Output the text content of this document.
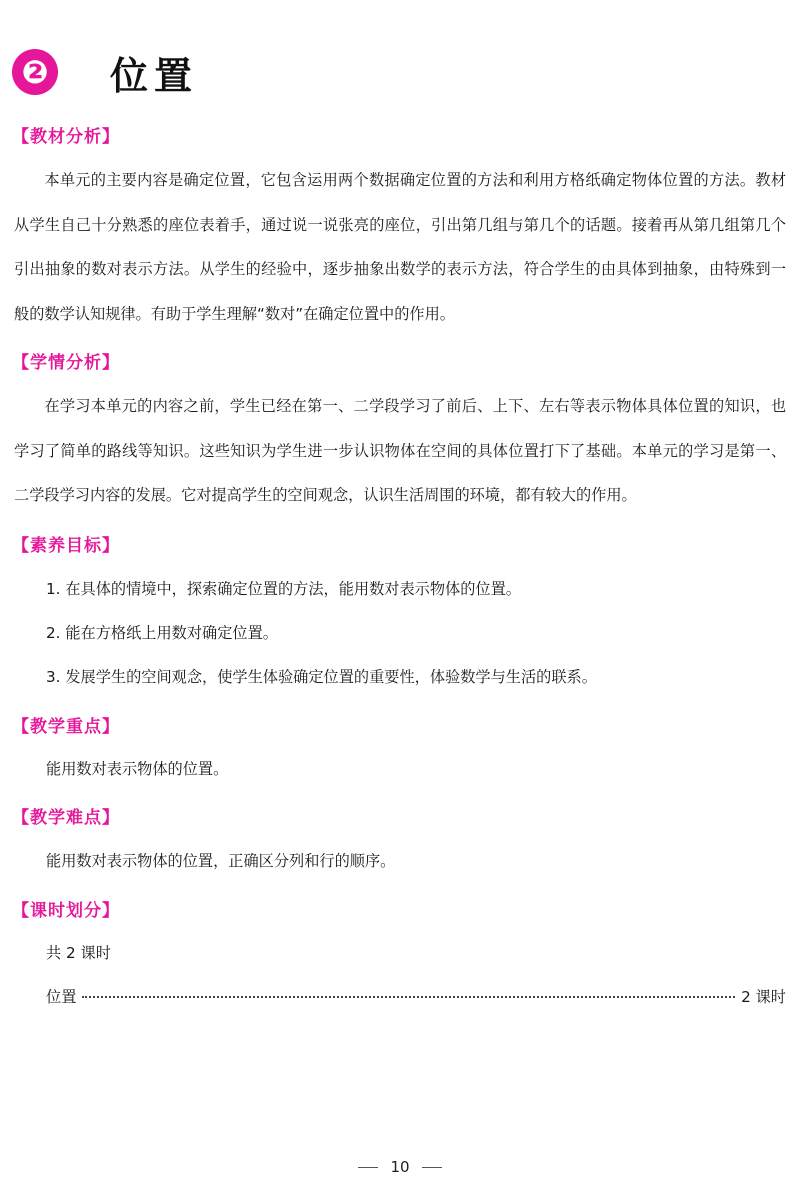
❷ 位置
【教材分析】

本单元的主要内容是确定位置，它包含运用两个数据确定位置的方法和利用方格纸确定物体位置的方法。教材从学生自己十分熟悉的座位表着手，通过说一说张亮的座位，引出第几组与第几个的话题。接着再从第几组第几个引出抽象的数对表示方法。从学生的经验中，逐步抽象出数学的表示方法，符合学生的由具体到抽象，由特殊到一般的数学认知规律。有助于学生理解“数对”在确定位置中的作用。

【学情分析】

在学习本单元的内容之前，学生已经在第一、二学段学习了前后、上下、左右等表示物体具体位置的知识，也学习了简单的路线等知识。这些知识为学生进一步认识物体在空间的具体位置打下了基础。本单元的学习是第一、二学段学习内容的发展。它对提高学生的空间观念，认识生活周围的环境，都有较大的作用。

【素养目标】
1. 在具体的情境中，探索确定位置的方法，能用数对表示物体的位置。
2. 能在方格纸上用数对确定位置。
3. 发展学生的空间观念，使学生体验确定位置的重要性，体验数学与生活的联系。
【教学重点】
能用数对表示物体的位置。
【教学难点】
能用数对表示物体的位置，正确区分列和行的顺序。
【课时划分】
共 2 课时
位置	2 课时
10
